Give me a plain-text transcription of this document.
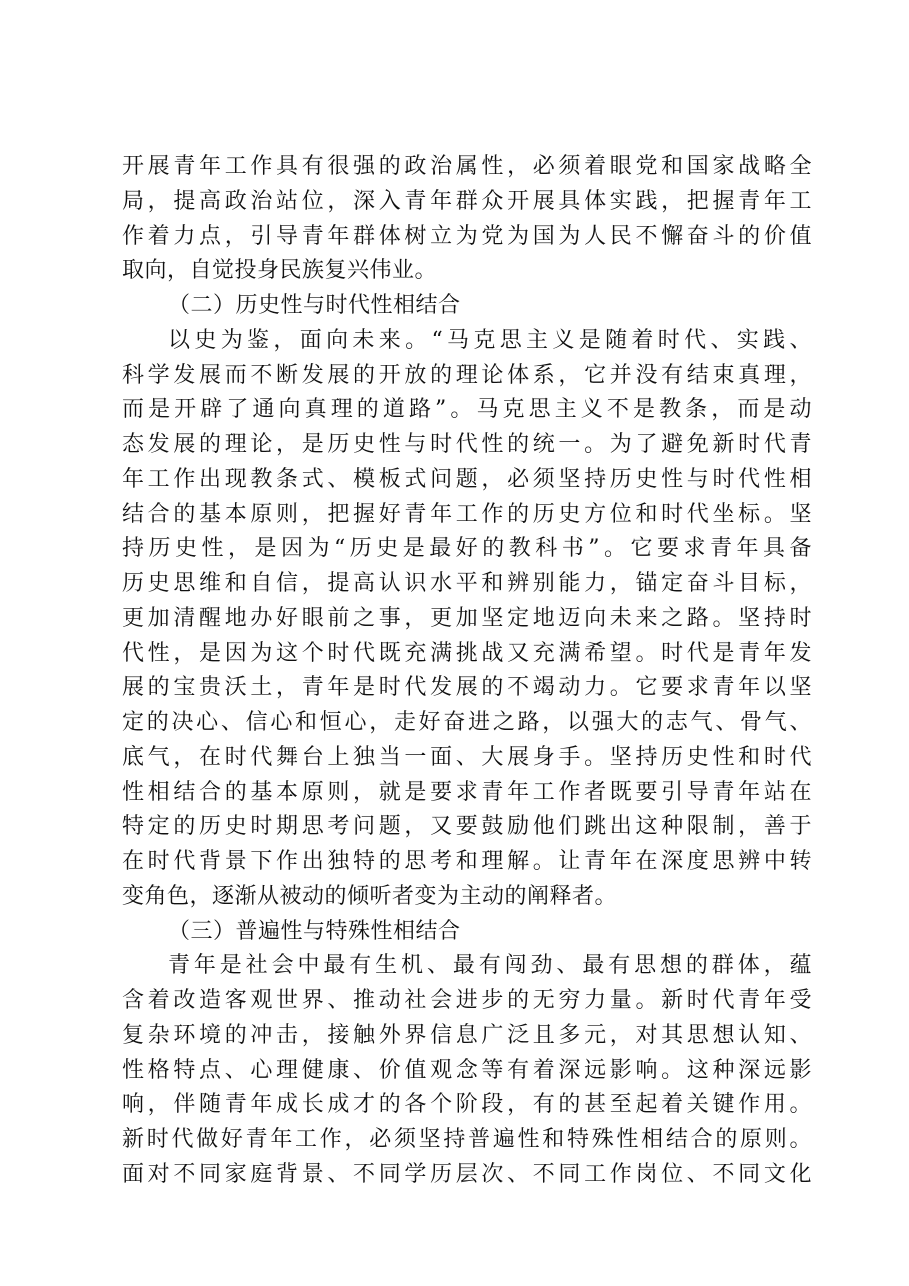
开展青年工作具有很强的政治属性，必须着眼党和国家战略全
局，提高政治站位，深入青年群众开展具体实践，把握青年工
作着力点，引导青年群体树立为党为国为人民不懈奋斗的价值
取向，自觉投身民族复兴伟业。
（二）历史性与时代性相结合
以史为鉴，面向未来。“马克思主义是随着时代、实践、
科学发展而不断发展的开放的理论体系，它并没有结束真理，
而是开辟了通向真理的道路”。马克思主义不是教条，而是动
态发展的理论，是历史性与时代性的统一。为了避免新时代青
年工作出现教条式、模板式问题，必须坚持历史性与时代性相
结合的基本原则，把握好青年工作的历史方位和时代坐标。坚
持历史性，是因为“历史是最好的教科书”。它要求青年具备
历史思维和自信，提高认识水平和辨别能力，锚定奋斗目标，
更加清醒地办好眼前之事，更加坚定地迈向未来之路。坚持时
代性，是因为这个时代既充满挑战又充满希望。时代是青年发
展的宝贵沃土，青年是时代发展的不竭动力。它要求青年以坚
定的决心、信心和恒心，走好奋进之路，以强大的志气、骨气、
底气，在时代舞台上独当一面、大展身手。坚持历史性和时代
性相结合的基本原则，就是要求青年工作者既要引导青年站在
特定的历史时期思考问题，又要鼓励他们跳出这种限制，善于
在时代背景下作出独特的思考和理解。让青年在深度思辨中转
变角色，逐渐从被动的倾听者变为主动的阐释者。
（三）普遍性与特殊性相结合
青年是社会中最有生机、最有闯劲、最有思想的群体，蕴
含着改造客观世界、推动社会进步的无穷力量。新时代青年受
复杂环境的冲击，接触外界信息广泛且多元，对其思想认知、
性格特点、心理健康、价值观念等有着深远影响。这种深远影
响，伴随青年成长成才的各个阶段，有的甚至起着关键作用。
新时代做好青年工作，必须坚持普遍性和特殊性相结合的原则。
面对不同家庭背景、不同学历层次、不同工作岗位、不同文化
